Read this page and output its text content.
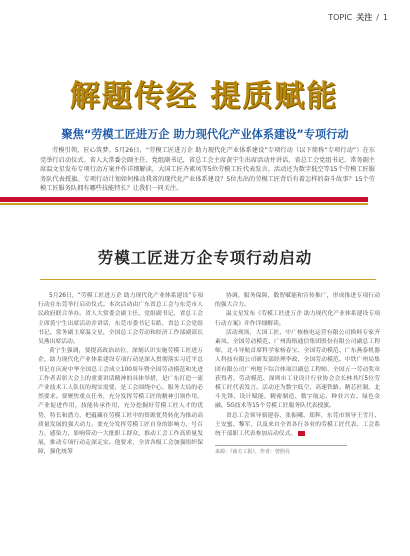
TOPIC 关注 / 1
解题传经 提质赋能
聚焦“劳模工匠进万企 助力现代化产业体系建设”专项行动
劳模引领，匠心筑梦。5月26日，“劳模工匠进万企 助力现代化产业体系建设”专项行动（以下简称“专项行动”）在东莞举行启动仪式。省人大常委会副主任、党组副书记，省总工会主席黄宁生出席活动并讲话，省总工会党组书记、常务副主席温文星发布专项行动方案并作详细解读，大国工匠齐素凤等5位劳模工匠代表发言。活动还为数字低空等15个劳模工匠服务队代表授旗。专项行动计划如何推动我省的现代化产业体系建设？5位杰出的劳模工匠背后有着怎样的奋斗故事？15个劳模工匠服务队拥有哪些技能特长？让我们一同关注。
劳模工匠进万企专项行动启动

5月26日，“劳模工匠进万企 助力现代化产业体系建设”专项行动在东莞举行启动仪式。本次活动由广东省总工会与东莞市人民政府联合举办。省人大常委会副主任、党组副书记，省总工会主席黄宁生出席活动并讲话，东莞市委书记韦皓，省总工会党组书记、常务副主席温文星，全国总工会劳动和经济工作部副部长吴燕出席活动。

黄宁生强调，要提高政治站位，深刻认识实施劳模工匠进万企、助力现代化产业体系建设专项行动是深入贯彻落实习近平总书记在庆祝中华全国总工会成立100周年暨全国劳动模范和先进工作者表彰大会上的重要讲话精神的具体举措，是广东打造一流产业技术工人队伍的现实需要，是工会围绕中心、服务大局的必然要求。要聚焦重点任务，充分发挥劳模工匠的精神引领作用、产业促进作用、技能传承作用，充分挖掘好劳模工匠人才的优势，特长和潜力，把蕴藏在劳模工匠中的资源优势转化为推动高质量发展的强大动力。要充分发挥劳模工匠自身的影响力、号召力、感染力，影响带动一大批职工群众，推动工会工作高质量发展，推动专项行动走深走实。他要求，全省各级工会加强组织保障，强化统筹

协调，服务保障，数智赋能和宣传推广，形成推进专项行动的强大合力。

温文星发布《劳模工匠进万企 助力现代化产业体系建设专项行动方案》并作详细解读。

活动现场，大国工匠、中广核核电运营有限公司换料专家齐素凤、全国劳动模范、广州海格通信集团股份有限公司副总工程师，北斗导航首席科学家杨春宝、全国劳动模范、广东燕泰机器人科技有限公司研发部经理李政、全国劳动模范、中铁广州局集团有限公司广州地下综合体项目副总工程师、全国五一劳动奖章获得者、劳动模范、深圳市工业设计行业协会会长林其红5位劳模工匠代表发言。活动还为数字低空、高速铁路、精芯匠制、北斗先锋、设计赋能、精密制造、数字航运、种业兴农、绿色金融、5G技术等15个劳模工匠服务队代表授旗。

省总工会领导骆建春、张振峨、郑辉，东莞市领导王雪月、王安蜜、黎军，以及来自全省各行各业的劳模工匠代表、工会系统干部职工代表参加启动仪式。

来源：《南方工报》，作者：曾照亮
